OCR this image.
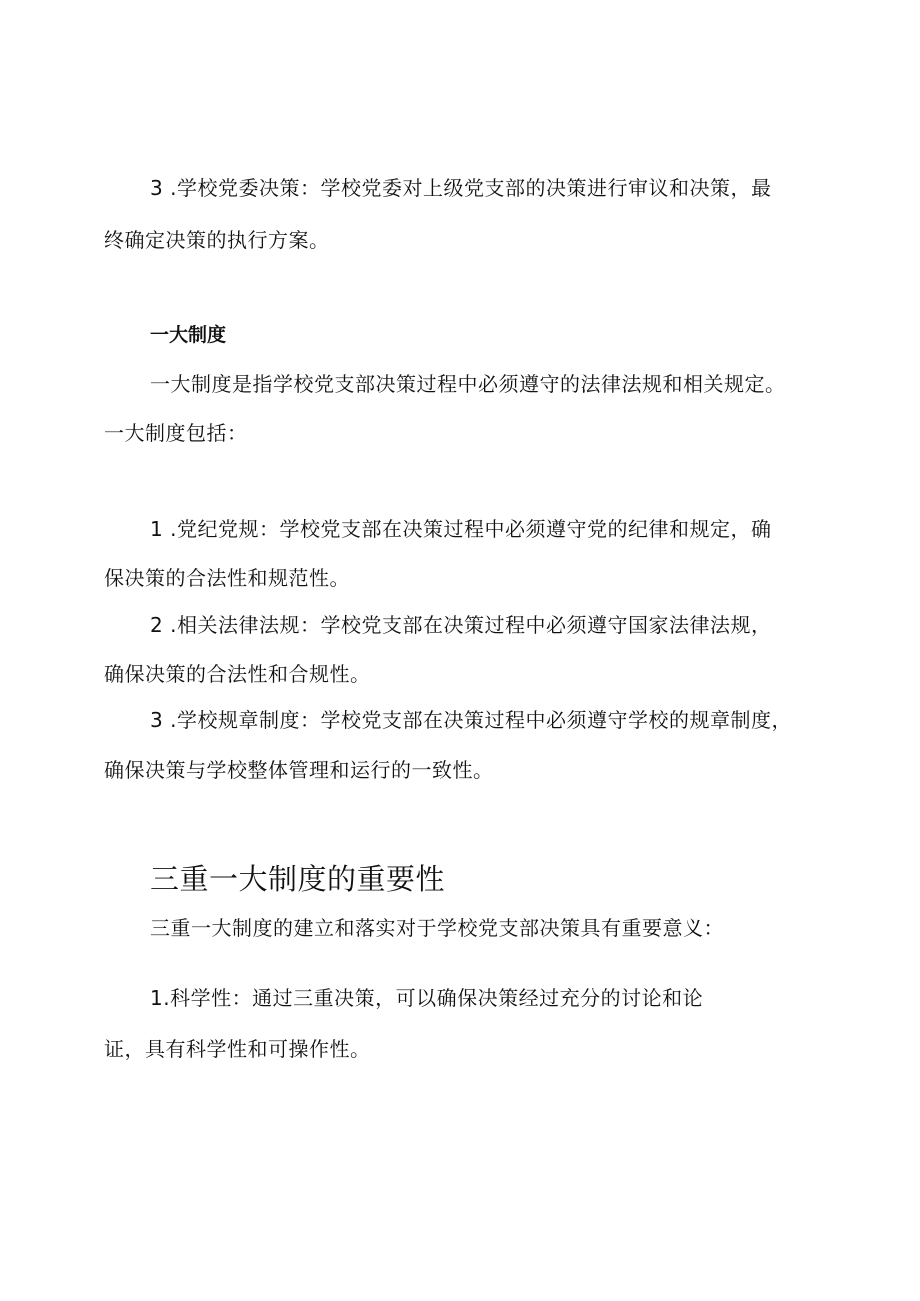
3 .学校党委决策：学校党委对上级党支部的决策进行审议和决策，最
终确定决策的执行方案。
一大制度
一大制度是指学校党支部决策过程中必须遵守的法律法规和相关规定。
一大制度包括：
1 .党纪党规：学校党支部在决策过程中必须遵守党的纪律和规定，确
保决策的合法性和规范性。
2 .相关法律法规：学校党支部在决策过程中必须遵守国家法律法规，
确保决策的合法性和合规性。
3 .学校规章制度：学校党支部在决策过程中必须遵守学校的规章制度，
确保决策与学校整体管理和运行的一致性。
三重一大制度的重要性
三重一大制度的建立和落实对于学校党支部决策具有重要意义：
1.科学性：通过三重决策，可以确保决策经过充分的讨论和论
证，具有科学性和可操作性。
